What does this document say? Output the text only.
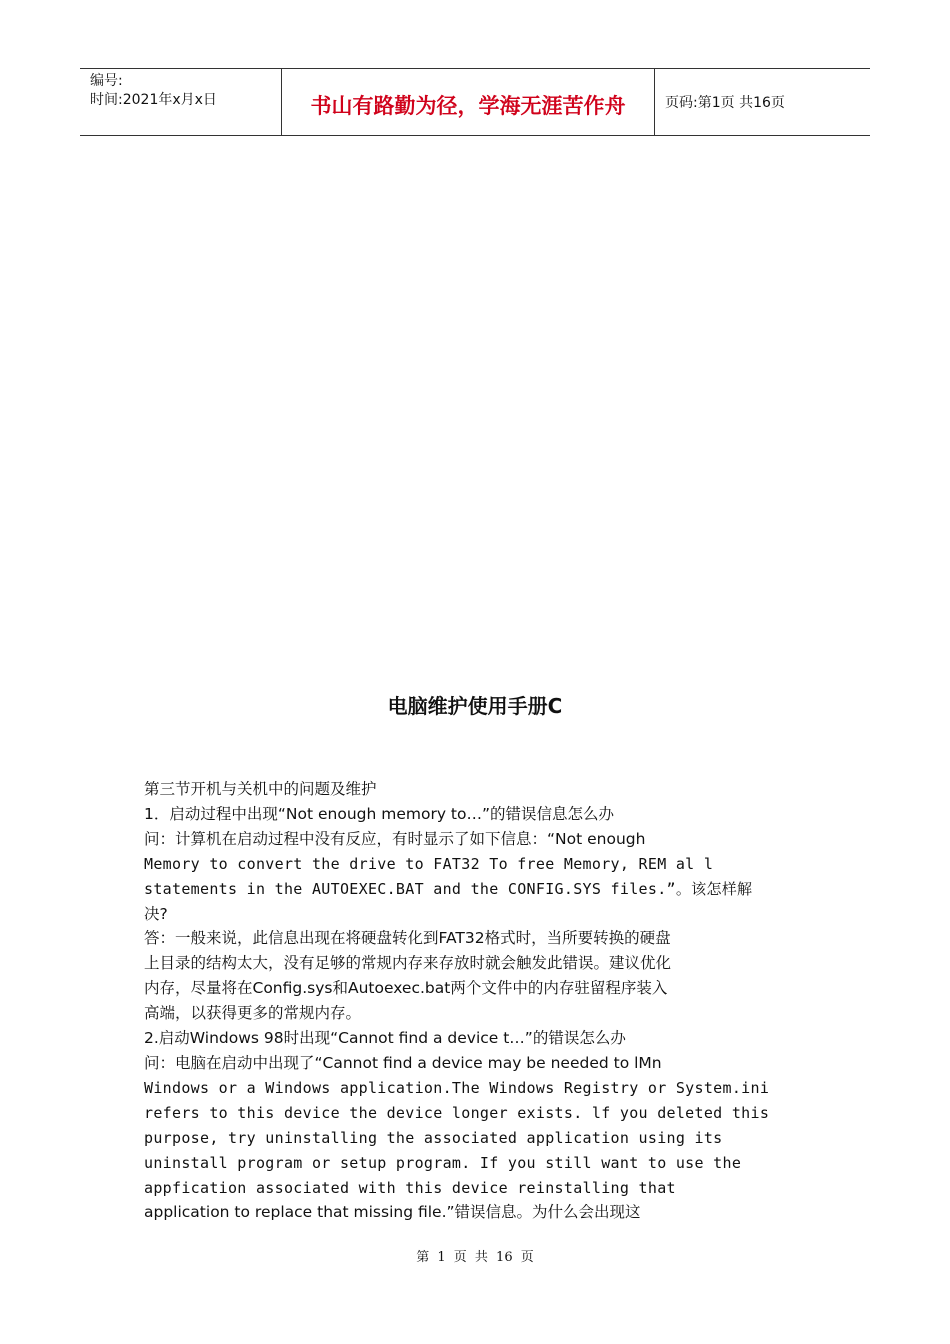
编号:
时间:2021年x月x日	书山有路勤为径，学海无涯苦作舟	页码:第1页 共16页
电脑维护使用手册C

第三节开机与关机中的问题及维护

1．启动过程中出现“Not enough memory to…”的错误信息怎么办

问：计算机在启动过程中没有反应，有时显示了如下信息：“Not enough

Memory to convert the drive to FAT32 To free Memory, REM al l

statements in the AUTOEXEC.BAT and the CONFIG.SYS files.”。该怎样解

决?

答：一般来说，此信息出现在将硬盘转化到FAT32格式时，当所要转换的硬盘

上目录的结构太大，没有足够的常规内存来存放时就会触发此错误。建议优化

内存，尽量将在Config.sys和Autoexec.bat两个文件中的内存驻留程序装入

高端，以获得更多的常规内存。

2.启动Windows 98时出现“Cannot find a device t…”的错误怎么办

问：电脑在启动中出现了“Cannot find a device may be needed to lMn

Windows or a Windows application.The Windows Registry or System.ini

refers to this device the device longer exists. lf you deleted this

purpose, try uninstalling the associated application using its

uninstall program or setup program. If you still want to use the

appfication associated with this device reinstalling that

application to replace that missing file.”错误信息。为什么会出现这

第 1 页 共 16 页
